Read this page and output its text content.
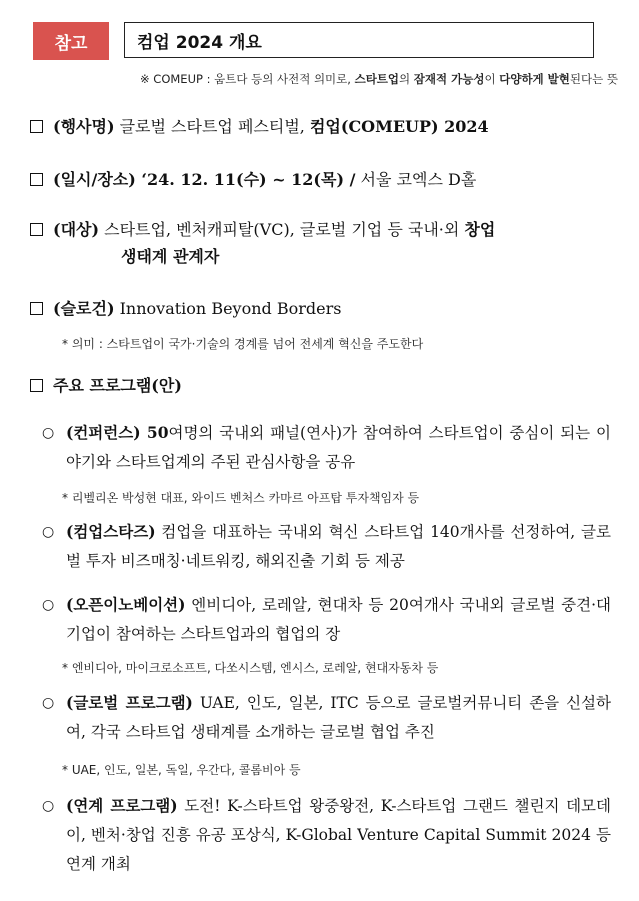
참고	컴업 2024 개요
※ COMEUP : 움트다 등의 사전적 의미로, 스타트업의 잠재적 가능성이 다양하게 발현된다는 뜻
(행사명) 글로벌 스타트업 페스티벌, 컴업(COMEUP) 2024
(일시/장소) ‘24. 12. 11(수) ~ 12(목) / 서울 코엑스 D홀
(대상) 스타트업, 벤처캐피탈(VC), 글로벌 기업 등 국내·외 창업
생태계 관계자
(슬로건) Innovation Beyond Borders
* 의미 : 스타트업이 국가·기술의 경계를 넘어 전세계 혁신을 주도한다
주요 프로그램(안)
○ (컨퍼런스) 50여명의 국내외 패널(연사)가 참여하여 스타트업이 중심이 되는 이야기와 스타트업계의 주된 관심사항을 공유
* 리벨리온 박성현 대표, 와이드 벤처스 카마르 아프탑 투자책임자 등
○ (컴업스타즈) 컴업을 대표하는 국내외 혁신 스타트업 140개사를 선정하여, 글로벌 투자 비즈매칭·네트워킹, 해외진출 기회 등 제공
○ (오픈이노베이션) 엔비디아, 로레알, 현대차 등 20여개사 국내외 글로벌 중견·대기업이 참여하는 스타트업과의 협업의 장
* 엔비디아, 마이크로소프트, 다쏘시스템, 엔시스, 로레알, 현대자동차 등
○ (글로벌 프로그램) UAE, 인도, 일본, ITC 등으로 글로벌커뮤니티 존을 신설하여, 각국 스타트업 생태계를 소개하는 글로벌 협업 추진
* UAE, 인도, 일본, 독일, 우간다, 콜롬비아 등
○ (연계 프로그램) 도전! K-스타트업 왕중왕전, K-스타트업 그랜드 챌린지 데모데이, 벤처·창업 진흥 유공 포상식, K-Global Venture Capital Summit 2024 등 연계 개최
